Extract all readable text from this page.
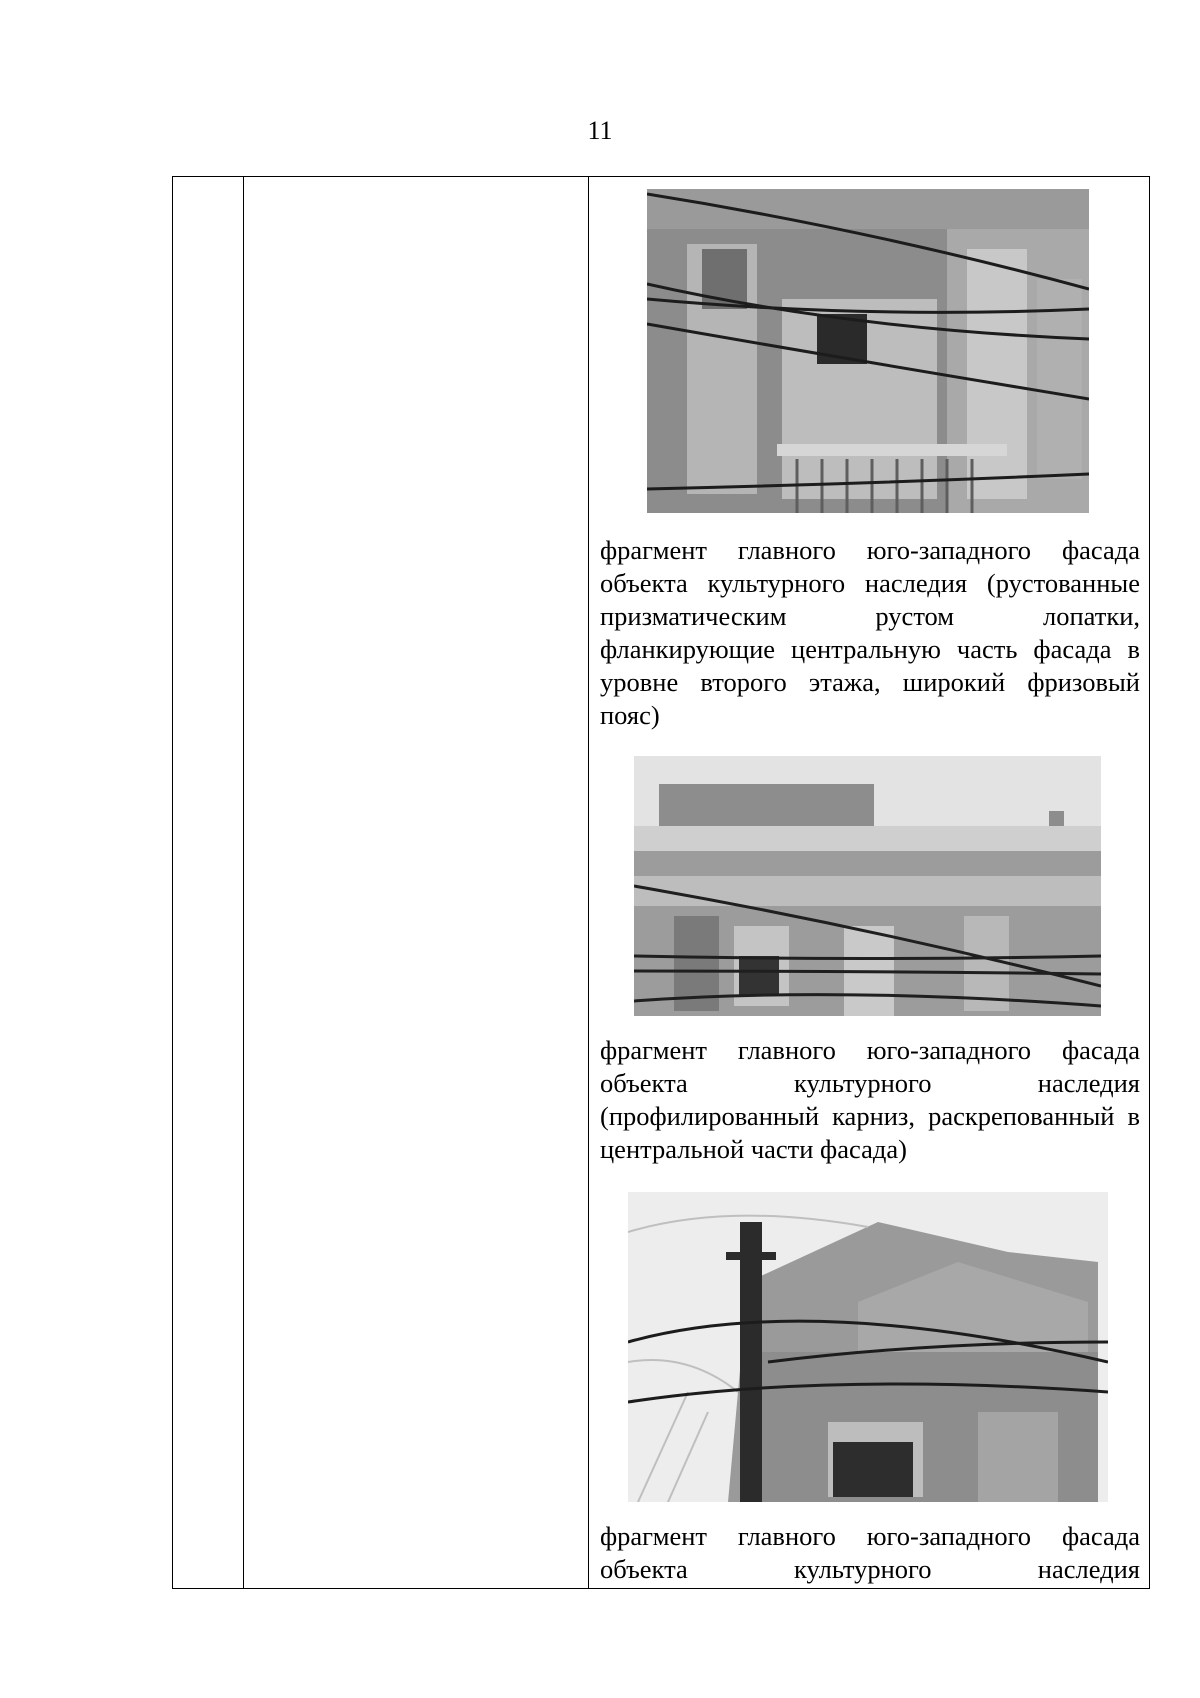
11

фрагмент главного юго-западного фасада объекта культурного наследия (рустованные призматическим рустом лопатки, фланкирующие центральную часть фасада в уровне второго этажа, широкий фризовый пояс)
фрагмент главного юго-западного фасада объекта культурного наследия (профилированный карниз, раскрепованный в центральной части фасада)
фрагмент главного юго-западного фасада объекта культурного наследия
